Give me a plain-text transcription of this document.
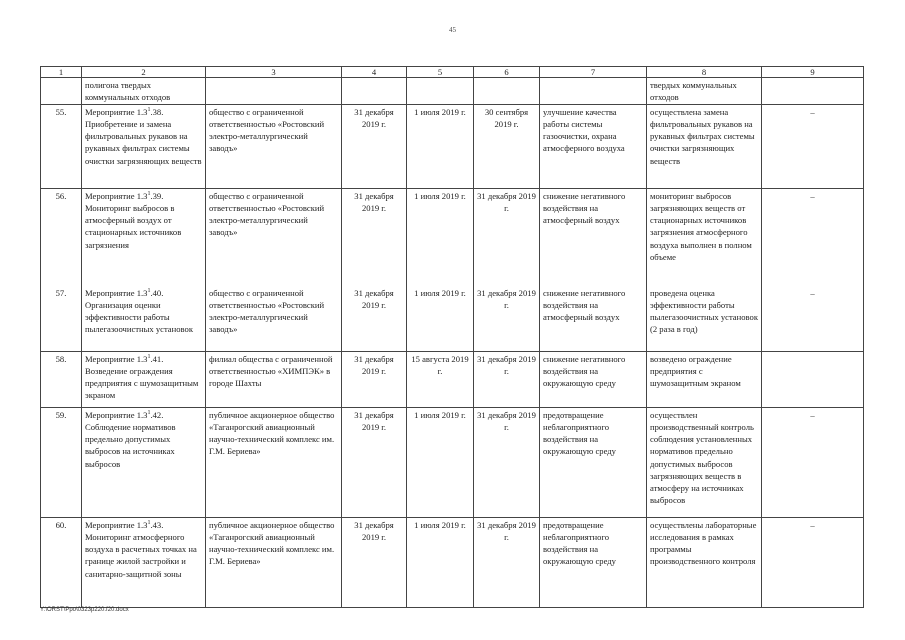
45
1	2	3	4	5	6	7	8	9
	полигона твердых коммунальных отходов						твердых коммунальных отходов	
55.	Мероприятие $1.3^1.38$. Приобретение и замена фильтровальных рукавов на рукавных фильтрах системы очистки загрязняющих веществ	общество с ограниченной ответственностью «Ростовский электро-металлургический заводъ»	31 декабря 2019 г.	1 июля 2019 г.	30 сентября 2019 г.	улучшение качества работы системы газоочистки, охрана атмосферного воздуха	осуществлена замена фильтровальных рукавов на рукавных фильтрах системы очистки загрязняющих веществ	–
56.	Мероприятие $1.3^1.39$. Мониторинг выбросов в атмосферный воздух от стационарных источников загрязнения	общество с ограниченной ответственностью «Ростовский электро-металлургический заводъ»	31 декабря 2019 г.	1 июля 2019 г.	31 декабря 2019 г.	снижение негативного воздействия на атмосферный воздух	мониторинг выбросов загрязняющих веществ от стационарных источников загрязнения атмосферного воздуха выполнен в полном объеме	–
57.	Мероприятие $1.3^1.40$. Организация оценки эффективности работы пылегазоочистных установок	общество с ограниченной ответственностью «Ростовский электро-металлургический заводъ»	31 декабря 2019 г.	1 июля 2019 г.	31 декабря 2019 г.	снижение негативного воздействия на атмосферный воздух	проведена оценка эффективности работы пылегазоочистных установок (2 раза в год)	–
58.	Мероприятие $1.3^1.41$. Возведение ограждения предприятия с шумозащитным экраном	филиал общества с ограниченной ответственностью «ХИМПЭК» в городе Шахты	31 декабря 2019 г.	15 августа 2019 г.	31 декабря 2019 г.	снижение негативного воздействия на окружающую среду	возведено ограждение предприятия с шумозащитным экраном	
59.	Мероприятие $1.3^1.42$. Соблюдение нормативов предельно допустимых выбросов на источниках выбросов	публичное акционерное общество «Таганрогский авиационный научно-технический комплекс им. Г.М. Бериева»	31 декабря 2019 г.	1 июля 2019 г.	31 декабря 2019 г.	предотвращение неблагоприятного воздействия на окружающую среду	осуществлен производственный контроль соблюдения установленных нормативов предельно допустимых выбросов загрязняющих веществ в атмосферу на источниках выбросов	–
60.	Мероприятие $1.3^1.43$. Мониторинг атмосферного воздуха в расчетных точках на границе жилой застройки и санитарно-защитной зоны	публичное акционерное общество «Таганрогский авиационный научно-технический комплекс им. Г.М. Бериева»	31 декабря 2019 г.	1 июля 2019 г.	31 декабря 2019 г.	предотвращение неблагоприятного воздействия на окружающую среду	осуществлены лабораторные исследования в рамках программы производственного контроля	–
Y:\ORST\Ppo\0323p220.f20.docx
